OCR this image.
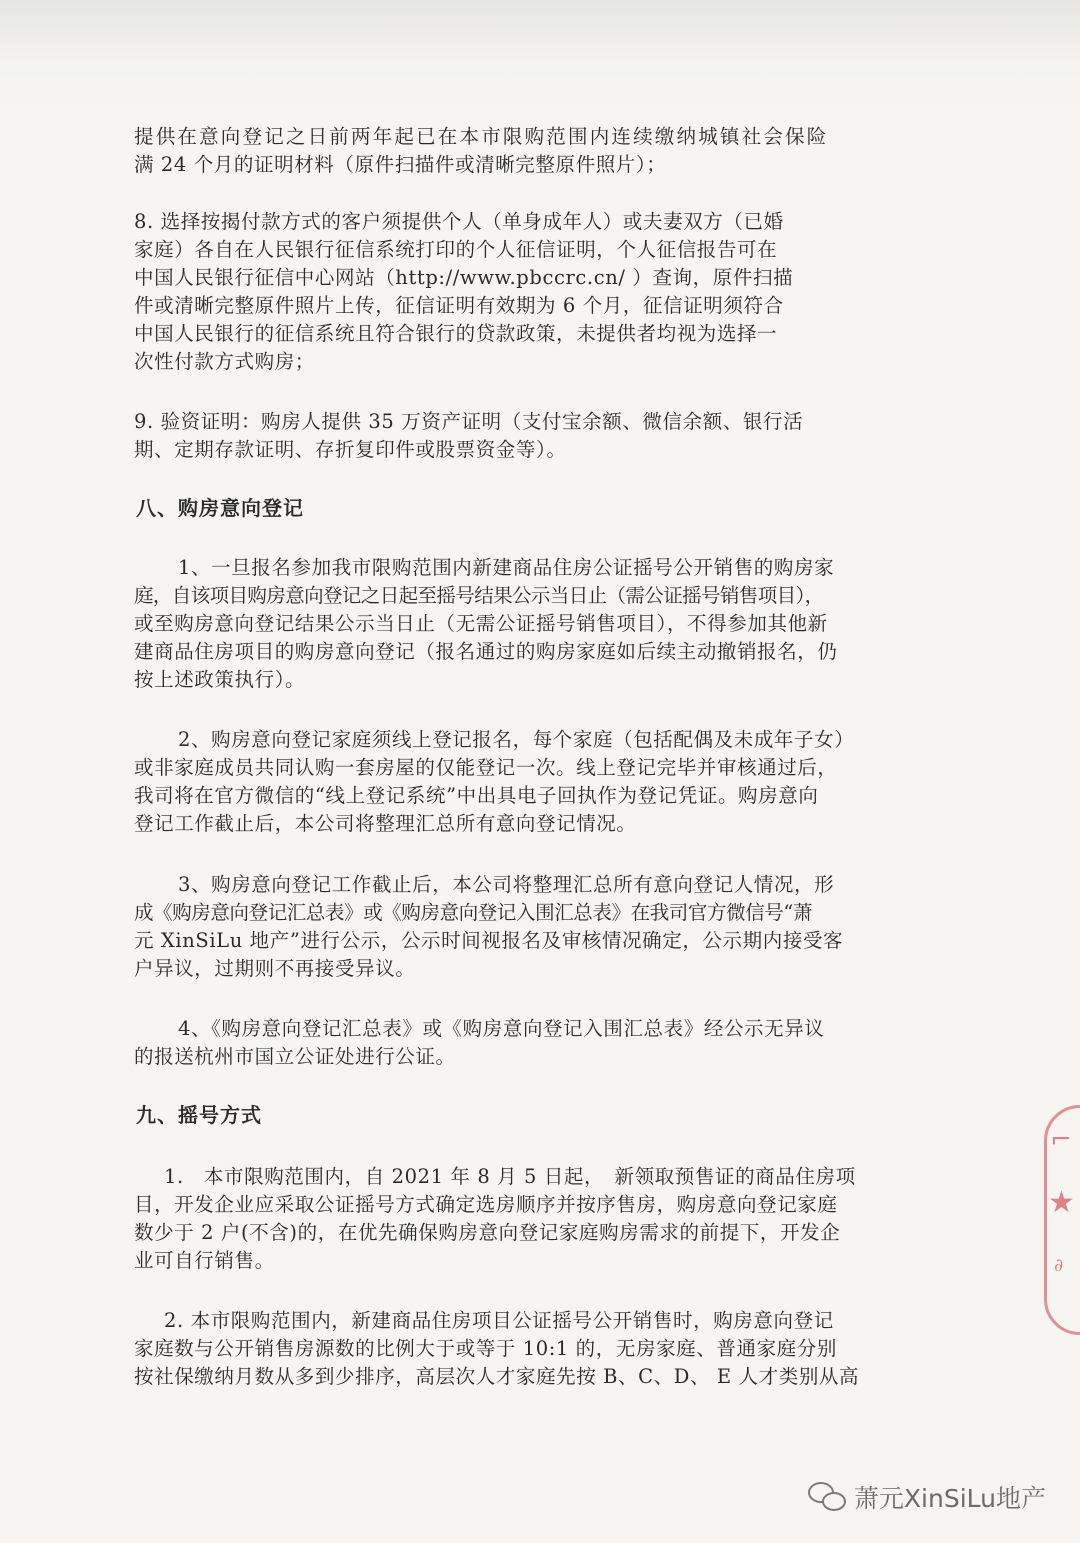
提供在意向登记之日前两年起已在本市限购范围内连续缴纳城镇社会保险
满 24 个月的证明材料（原件扫描件或清晰完整原件照片）；

8. 选择按揭付款方式的客户须提供个人（单身成年人）或夫妻双方（已婚
家庭）各自在人民银行征信系统打印的个人征信证明，个人征信报告可在
中国人民银行征信中心网站（http://www.pbccrc.cn/ ）查询，原件扫描
件或清晰完整原件照片上传，征信证明有效期为 6 个月，征信证明须符合
中国人民银行的征信系统且符合银行的贷款政策，未提供者均视为选择一
次性付款方式购房；

9. 验资证明：购房人提供 35 万资产证明（支付宝余额、微信余额、银行活
期、定期存款证明、存折复印件或股票资金等）。

八、购房意向登记

1、一旦报名参加我市限购范围内新建商品住房公证摇号公开销售的购房家
庭，自该项目购房意向登记之日起至摇号结果公示当日止（需公证摇号销售项目），
或至购房意向登记结果公示当日止（无需公证摇号销售项目），不得参加其他新
建商品住房项目的购房意向登记（报名通过的购房家庭如后续主动撤销报名，仍
按上述政策执行）。

2、购房意向登记家庭须线上登记报名，每个家庭（包括配偶及未成年子女）
或非家庭成员共同认购一套房屋的仅能登记一次。线上登记完毕并审核通过后，
我司将在官方微信的“线上登记系统”中出具电子回执作为登记凭证。购房意向
登记工作截止后，本公司将整理汇总所有意向登记情况。

3、购房意向登记工作截止后，本公司将整理汇总所有意向登记人情况，形
成《购房意向登记汇总表》或《购房意向登记入围汇总表》在我司官方微信号“萧
元 XinSiLu 地产”进行公示，公示时间视报名及审核情况确定，公示期内接受客
户异议，过期则不再接受异议。

4、《购房意向登记汇总表》或《购房意向登记入围汇总表》经公示无异议
的报送杭州市国立公证处进行公证。

九、摇号方式

1.　本市限购范围内，自 2021 年 8 月 5 日起，　新领取预售证的商品住房项
目，开发企业应采取公证摇号方式确定选房顺序并按序售房，购房意向登记家庭
数少于 2 户(不含)的，在优先确保购房意向登记家庭购房需求的前提下，开发企
业可自行销售。

2. 本市限购范围内，新建商品住房项目公证摇号公开销售时，购房意向登记
家庭数与公开销售房源数的比例大于或等于 10:1 的，无房家庭、普通家庭分别
按社保缴纳月数从多到少排序，高层次人才家庭先按 B、C、D、 E 人才类别从高

⌐
★
∂
萧元XinSiLu地产
